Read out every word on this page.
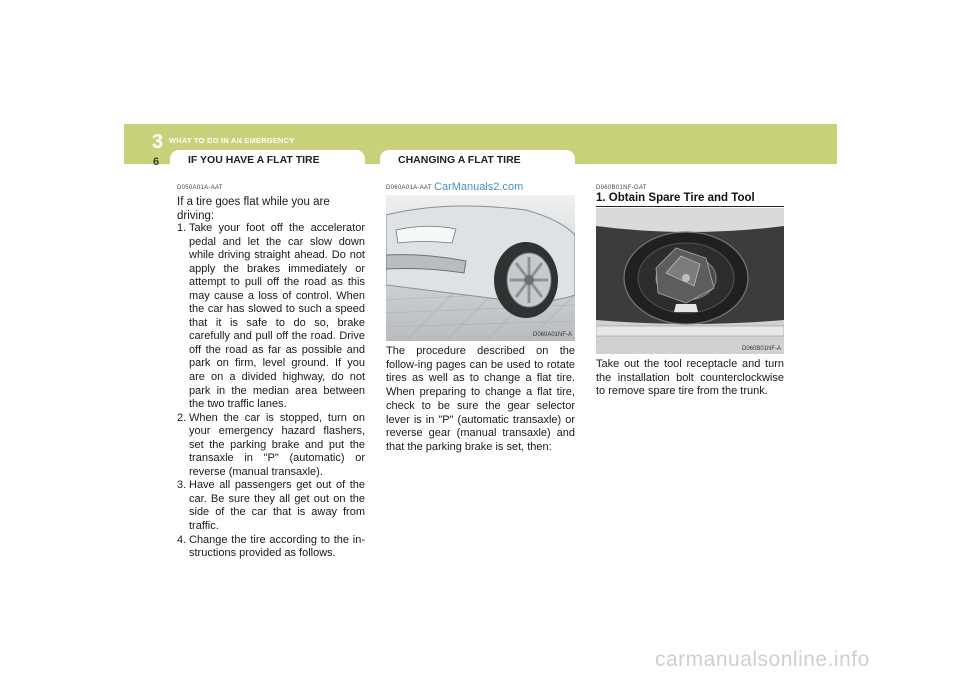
3 WHAT TO DO IN AN EMERGENCY
6	IF YOU HAVE A FLAT TIRE	CHANGING A FLAT TIRE
D050A01A-AAT
If a tire goes flat while you are driving:
1. Take your foot off the accelerator pedal and let the car slow down while driving straight ahead. Do not apply the brakes immediately or attempt to pull off the road as this may cause a loss of control. When the car has slowed to such a speed that it is safe to do so, brake carefully and pull off the road. Drive off the road as far as possible and park on firm, level ground. If you are on a divided highway, do not park in the median area between the two traffic lanes.
2. When the car is stopped, turn on your emergency hazard flashers, set the parking brake and put the transaxle in "P" (automatic) or reverse (manual transaxle).
3. Have all passengers get out of the car. Be sure they all get out on the side of the car that is away from traffic.
4. Change the tire according to the in-structions provided as follows.
D060A01A-AAT CarManuals2.com
D060A01NF-A
The procedure described on the follow-ing pages can be used to rotate tires as well as to change a flat tire. When preparing to change a flat tire, check to be sure the gear selector lever is in "P" (automatic transaxle) or reverse gear (manual transaxle) and that the parking brake is set, then:
D060B01NF-GAT
1. Obtain Spare Tire and Tool
D060B01NF-A
Take out the tool receptacle and turn the installation bolt counterclockwise to remove spare tire from the trunk.
carmanualsonline.info
